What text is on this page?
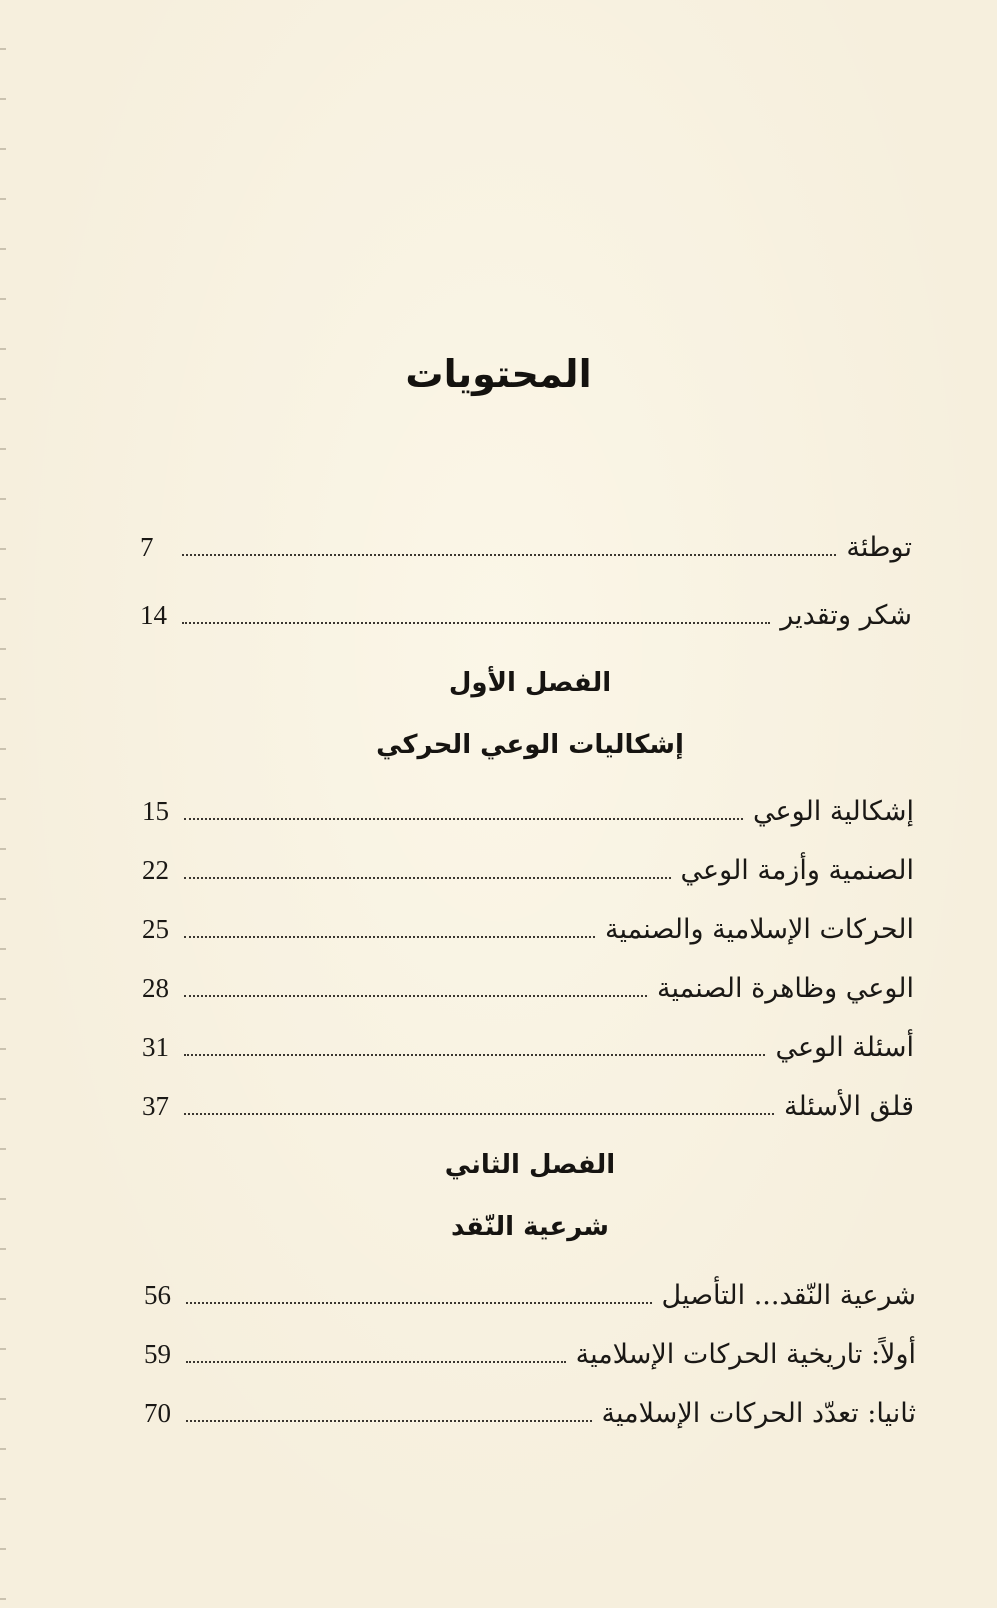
المحتويات
توطئة
7
شكر وتقدير
14
الفصل الأول
إشكاليات الوعي الحركي
إشكالية الوعي
15
الصنمية وأزمة الوعي
22
الحركات الإسلامية والصنمية
25
الوعي وظاهرة الصنمية
28
أسئلة الوعي
31
قلق الأسئلة
37
الفصل الثاني
شرعية النّقد
شرعية النّقد... التأصيل
56
أولاً: تاريخية الحركات الإسلامية
59
ثانيا: تعدّد الحركات الإسلامية
70
